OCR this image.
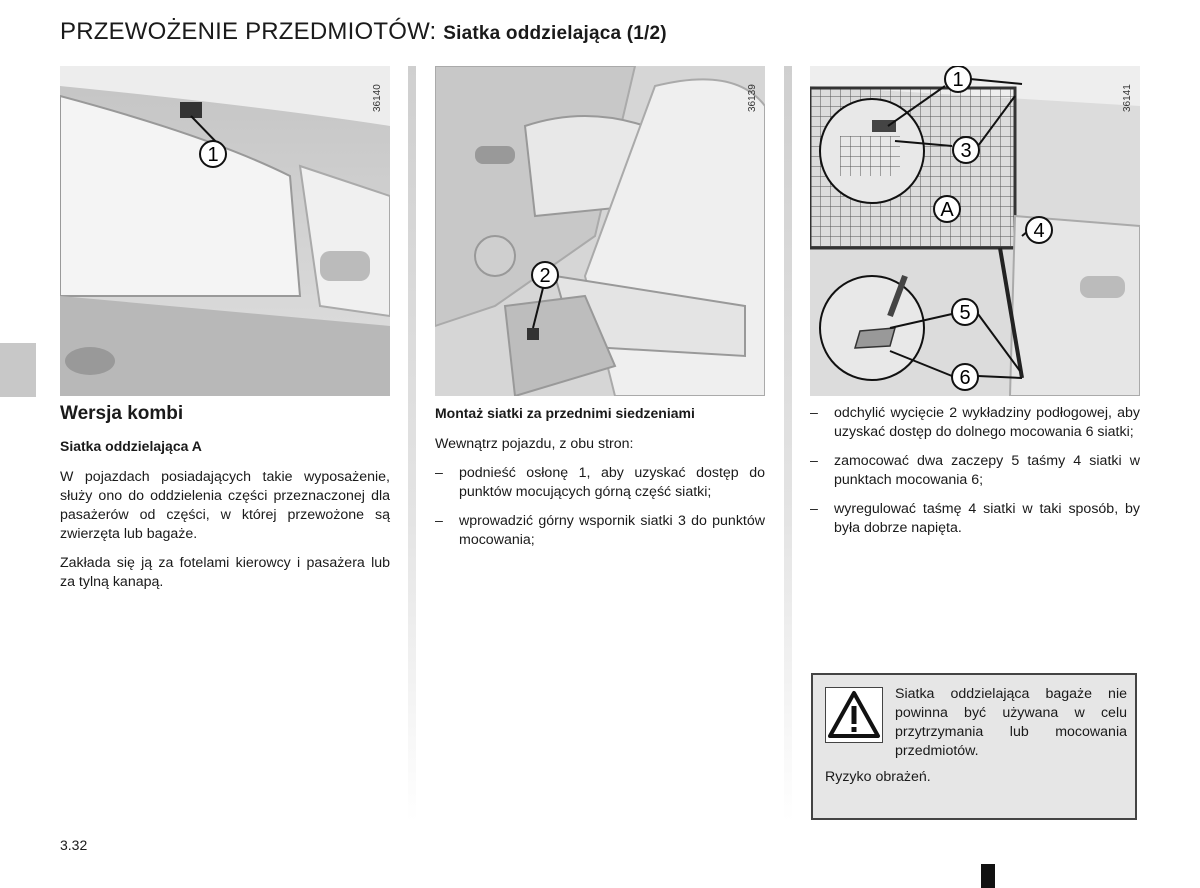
PRZEWOŻENIE PRZEDMIOTÓW: Siatka oddzielająca (1/2)
1
36140
2
36139
1
3
A
4
5
6
36141
Wersja kombi
Siatka oddzielająca A

W pojazdach posiadających takie wyposażenie, służy ono do oddzielenia części przeznaczonej dla pasażerów od części, w której przewożone są zwierzęta lub bagaże.

Zakłada się ją za fotelami kierowcy i pasażera lub za tylną kanapą.

Montaż siatki za przednimi siedzeniami

Wewnątrz pojazdu, z obu stron:

– podnieść osłonę 1, aby uzyskać dostęp do punktów mocujących górną część siatki;
– wprowadzić górny wspornik siatki 3 do punktów mocowania;
– odchylić wycięcie 2 wykładziny podłogowej, aby uzyskać dostęp do dolnego mocowania 6 siatki;
– zamocować dwa zaczepy 5 taśmy 4 siatki w punktach mocowania 6;
– wyregulować taśmę 4 siatki w taki sposób, by była dobrze napięta.
Siatka oddzielająca bagaże nie powinna być używana w celu przytrzymania lub mocowania przedmiotów.
Ryzyko obrażeń.
3.32
